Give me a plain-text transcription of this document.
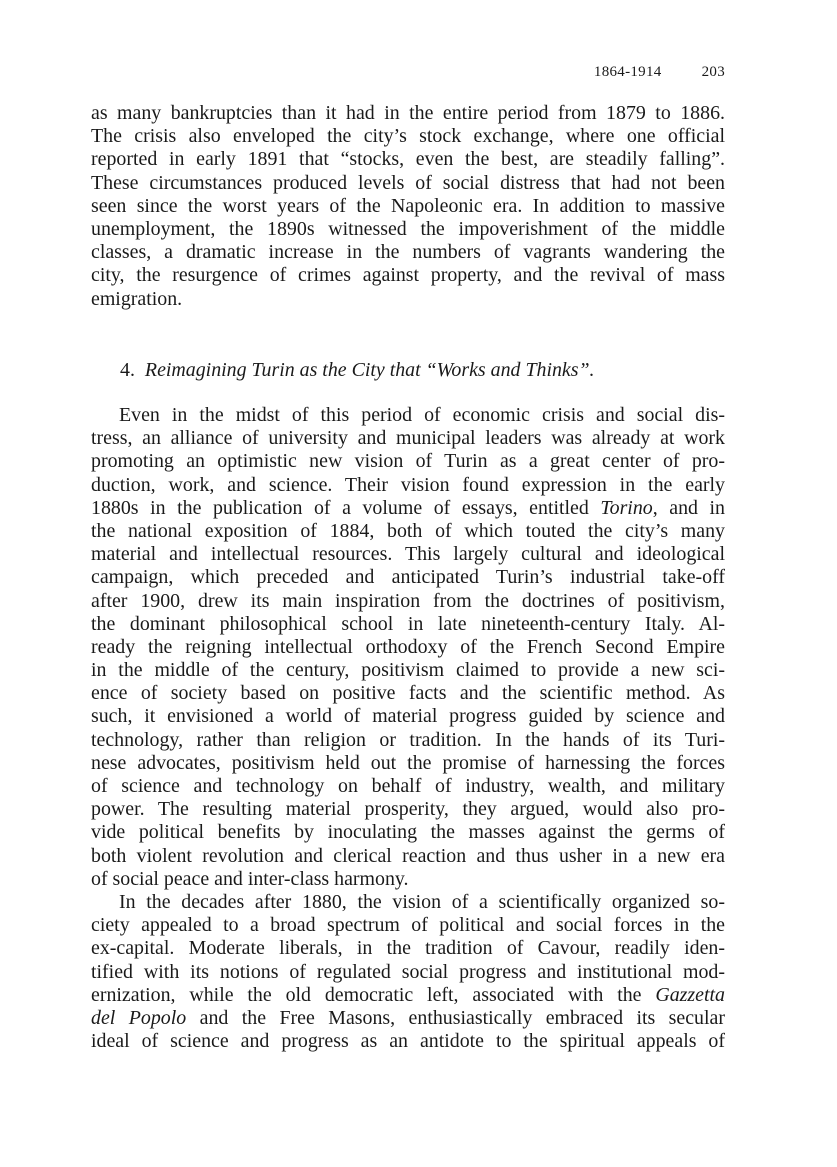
1864-1914	203
as many bankruptcies than it had in the entire period from 1879 to 1886.
The crisis also enveloped the city’s stock exchange, where one official
reported in early 1891 that “stocks, even the best, are steadily falling”.
These circumstances produced levels of social distress that had not been
seen since the worst years of the Napoleonic era. In addition to massive
unemployment, the 1890s witnessed the impoverishment of the middle
classes, a dramatic increase in the numbers of vagrants wandering the
city, the resurgence of crimes against property, and the revival of mass
emigration.
4. Reimagining Turin as the City that “Works and Thinks”.
Even in the midst of this period of economic crisis and social dis-
tress, an alliance of university and municipal leaders was already at work
promoting an optimistic new vision of Turin as a great center of pro-
duction, work, and science. Their vision found expression in the early
1880s in the publication of a volume of essays, entitled Torino, and in
the national exposition of 1884, both of which touted the city’s many
material and intellectual resources. This largely cultural and ideological
campaign, which preceded and anticipated Turin’s industrial take-off
after 1900, drew its main inspiration from the doctrines of positivism,
the dominant philosophical school in late nineteenth-century Italy. Al-
ready the reigning intellectual orthodoxy of the French Second Empire
in the middle of the century, positivism claimed to provide a new sci-
ence of society based on positive facts and the scientific method. As
such, it envisioned a world of material progress guided by science and
technology, rather than religion or tradition. In the hands of its Turi-
nese advocates, positivism held out the promise of harnessing the forces
of science and technology on behalf of industry, wealth, and military
power. The resulting material prosperity, they argued, would also pro-
vide political benefits by inoculating the masses against the germs of
both violent revolution and clerical reaction and thus usher in a new era
of social peace and inter-class harmony.
In the decades after 1880, the vision of a scientifically organized so-
ciety appealed to a broad spectrum of political and social forces in the
ex-capital. Moderate liberals, in the tradition of Cavour, readily iden-
tified with its notions of regulated social progress and institutional mod-
ernization, while the old democratic left, associated with the Gazzetta
del Popolo and the Free Masons, enthusiastically embraced its secular
ideal of science and progress as an antidote to the spiritual appeals of
